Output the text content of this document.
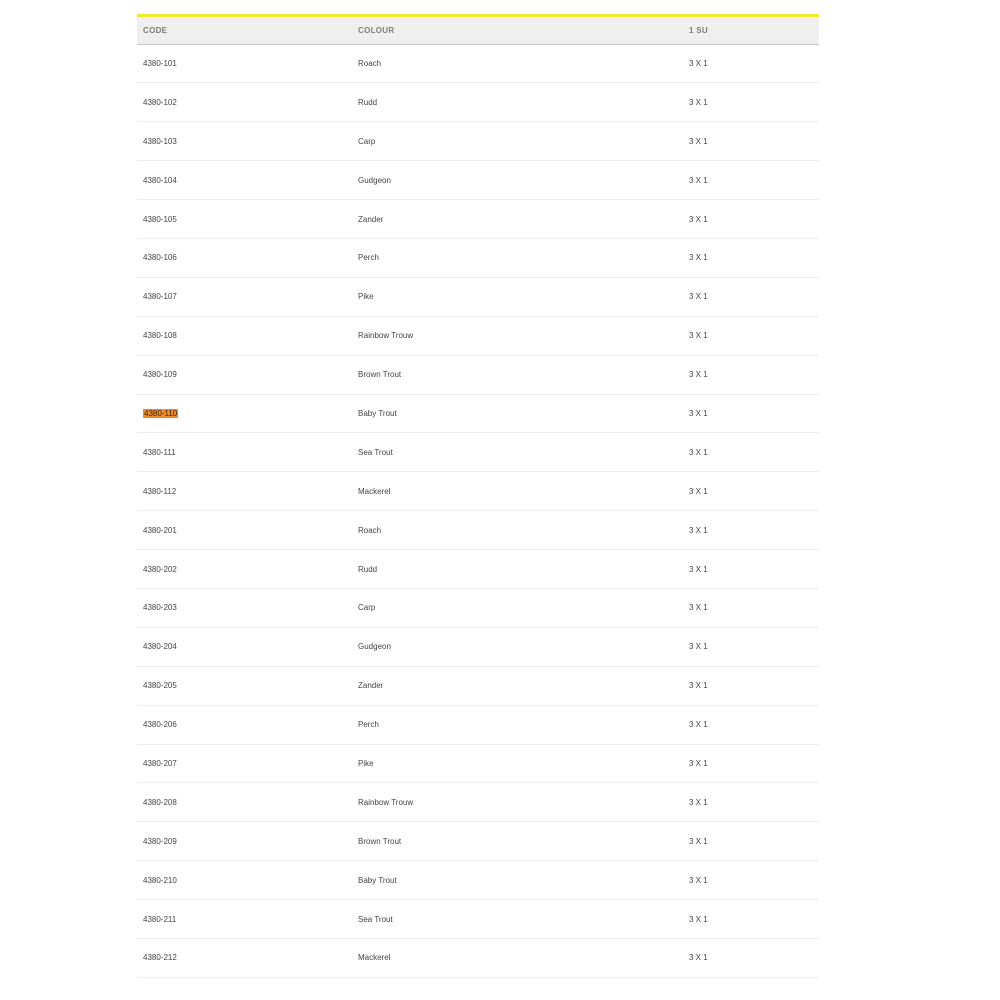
CODE	COLOUR	1 SU
4380-101	Roach	3 X 1
4380-102	Rudd	3 X 1
4380-103	Carp	3 X 1
4380-104	Gudgeon	3 X 1
4380-105	Zander	3 X 1
4380-106	Perch	3 X 1
4380-107	Pike	3 X 1
4380-108	Rainbow Trouw	3 X 1
4380-109	Brown Trout	3 X 1
4380-110	Baby Trout	3 X 1
4380-111	Sea Trout	3 X 1
4380-112	Mackerel	3 X 1
4380-201	Roach	3 X 1
4380-202	Rudd	3 X 1
4380-203	Carp	3 X 1
4380-204	Gudgeon	3 X 1
4380-205	Zander	3 X 1
4380-206	Perch	3 X 1
4380-207	Pike	3 X 1
4380-208	Rainbow Trouw	3 X 1
4380-209	Brown Trout	3 X 1
4380-210	Baby Trout	3 X 1
4380-211	Sea Trout	3 X 1
4380-212	Mackerel	3 X 1
